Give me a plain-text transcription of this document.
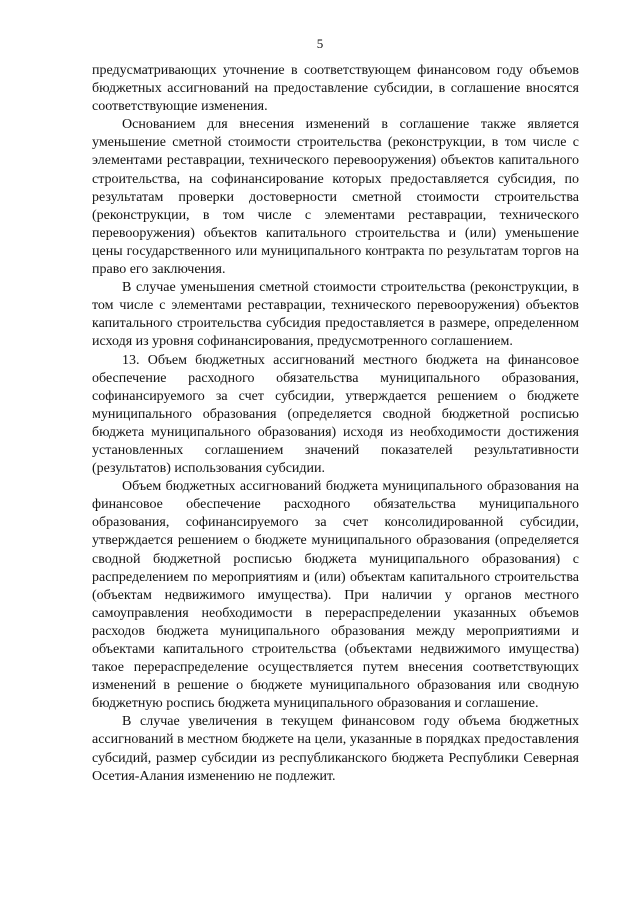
5

предусматривающих уточнение в соответствующем финансовом году объемов бюджетных ассигнований на предоставление субсидии, в соглашение вносятся соответствующие изменения.

Основанием для внесения изменений в соглашение также является уменьшение сметной стоимости строительства (реконструкции, в том числе с элементами реставрации, технического перевооружения) объектов капитального строительства, на софинансирование которых предоставляется субсидия, по результатам проверки достоверности сметной стоимости строительства (реконструкции, в том числе с элементами реставрации, технического перевооружения) объектов капитального строительства и (или) уменьшение цены государственного или муниципального контракта по результатам торгов на право его заключения.

В случае уменьшения сметной стоимости строительства (реконструкции, в том числе с элементами реставрации, технического перевооружения) объектов капитального строительства субсидия предоставляется в размере, определенном исходя из уровня софинансирования, предусмотренного соглашением.

13. Объем бюджетных ассигнований местного бюджета на финансовое обеспечение расходного обязательства муниципального образования, софинансируемого за счет субсидии, утверждается решением о бюджете муниципального образования (определяется сводной бюджетной росписью бюджета муниципального образования) исходя из необходимости достижения установленных соглашением значений показателей результативности (результатов) использования субсидии.

Объем бюджетных ассигнований бюджета муниципального образования на финансовое обеспечение расходного обязательства муниципального образования, софинансируемого за счет консолидированной субсидии, утверждается решением о бюджете муниципального образования (определяется сводной бюджетной росписью бюджета муниципального образования) с распределением по мероприятиям и (или) объектам капитального строительства (объектам недвижимого имущества). При наличии у органов местного самоуправления необходимости в перераспределении указанных объемов расходов бюджета муниципального образования между мероприятиями и объектами капитального строительства (объектами недвижимого имущества) такое перераспределение осуществляется путем внесения соответствующих изменений в решение о бюджете муниципального образования или сводную бюджетную роспись бюджета муниципального образования и соглашение.

В случае увеличения в текущем финансовом году объема бюджетных ассигнований в местном бюджете на цели, указанные в порядках предоставления субсидий, размер субсидии из республиканского бюджета Республики Северная Осетия-Алания изменению не подлежит.
